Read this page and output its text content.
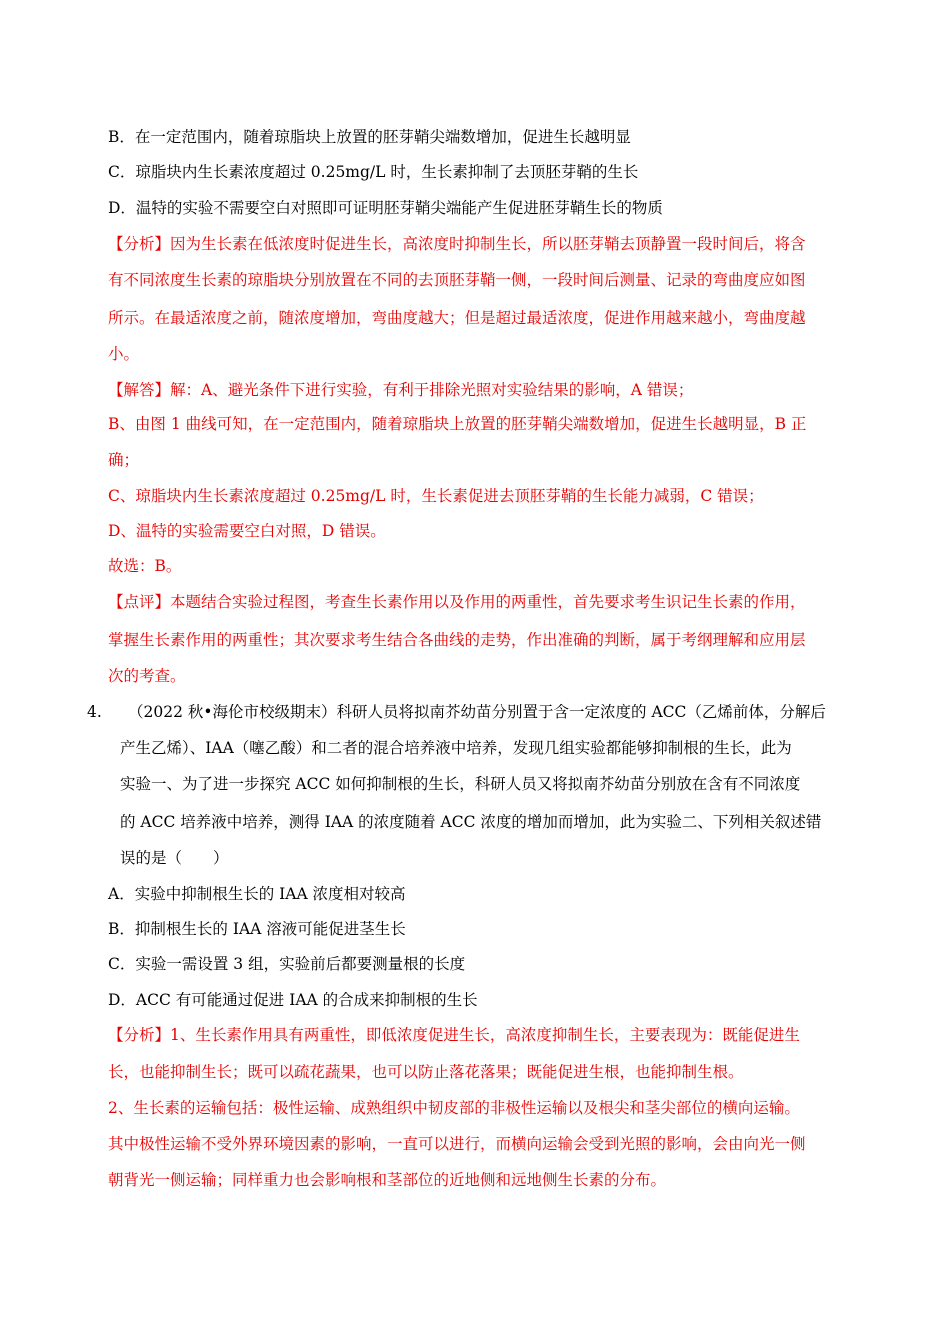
B．在一定范围内，随着琼脂块上放置的胚芽鞘尖端数增加，促进生长越明显
C．琼脂块内生长素浓度超过 0.25mg/L 时，生长素抑制了去顶胚芽鞘的生长
D．温特的实验不需要空白对照即可证明胚芽鞘尖端能产生促进胚芽鞘生长的物质
【分析】因为生长素在低浓度时促进生长，高浓度时抑制生长，所以胚芽鞘去顶静置一段时间后，将含
有不同浓度生长素的琼脂块分别放置在不同的去顶胚芽鞘一侧，一段时间后测量、记录的弯曲度应如图
所示。在最适浓度之前，随浓度增加，弯曲度越大；但是超过最适浓度，促进作用越来越小，弯曲度越
小。
【解答】解：A、避光条件下进行实验，有利于排除光照对实验结果的影响，A 错误；
B、由图 1 曲线可知，在一定范围内，随着琼脂块上放置的胚芽鞘尖端数增加，促进生长越明显，B 正
确；
C、琼脂块内生长素浓度超过 0.25mg/L 时，生长素促进去顶胚芽鞘的生长能力减弱，C 错误；
D、温特的实验需要空白对照，D 错误。
故选：B。
【点评】本题结合实验过程图，考查生长素作用以及作用的两重性，首先要求考生识记生长素的作用，
掌握生长素作用的两重性；其次要求考生结合各曲线的走势，作出准确的判断，属于考纲理解和应用层
次的考查。
4. （2022 秋•海伦市校级期末）科研人员将拟南芥幼苗分别置于含一定浓度的 ACC（乙烯前体，分解后
产生乙烯）、IAA（噻乙酸）和二者的混合培养液中培养，发现几组实验都能够抑制根的生长，此为
实验一、为了进一步探究 ACC 如何抑制根的生长，科研人员又将拟南芥幼苗分别放在含有不同浓度
的 ACC 培养液中培养，测得 IAA 的浓度随着 ACC 浓度的增加而增加，此为实验二、下列相关叙述错
误的是（　　）
A．实验中抑制根生长的 IAA 浓度相对较高
B．抑制根生长的 IAA 溶液可能促进茎生长
C．实验一需设置 3 组，实验前后都要测量根的长度
D．ACC 有可能通过促进 IAA 的合成来抑制根的生长
【分析】1、生长素作用具有两重性，即低浓度促进生长，高浓度抑制生长，主要表现为：既能促进生
长，也能抑制生长；既可以疏花蔬果，也可以防止落花落果；既能促进生根，也能抑制生根。
2、生长素的运输包括：极性运输、成熟组织中韧皮部的非极性运输以及根尖和茎尖部位的横向运输。
其中极性运输不受外界环境因素的影响，一直可以进行，而横向运输会受到光照的影响，会由向光一侧
朝背光一侧运输；同样重力也会影响根和茎部位的近地侧和远地侧生长素的分布。
